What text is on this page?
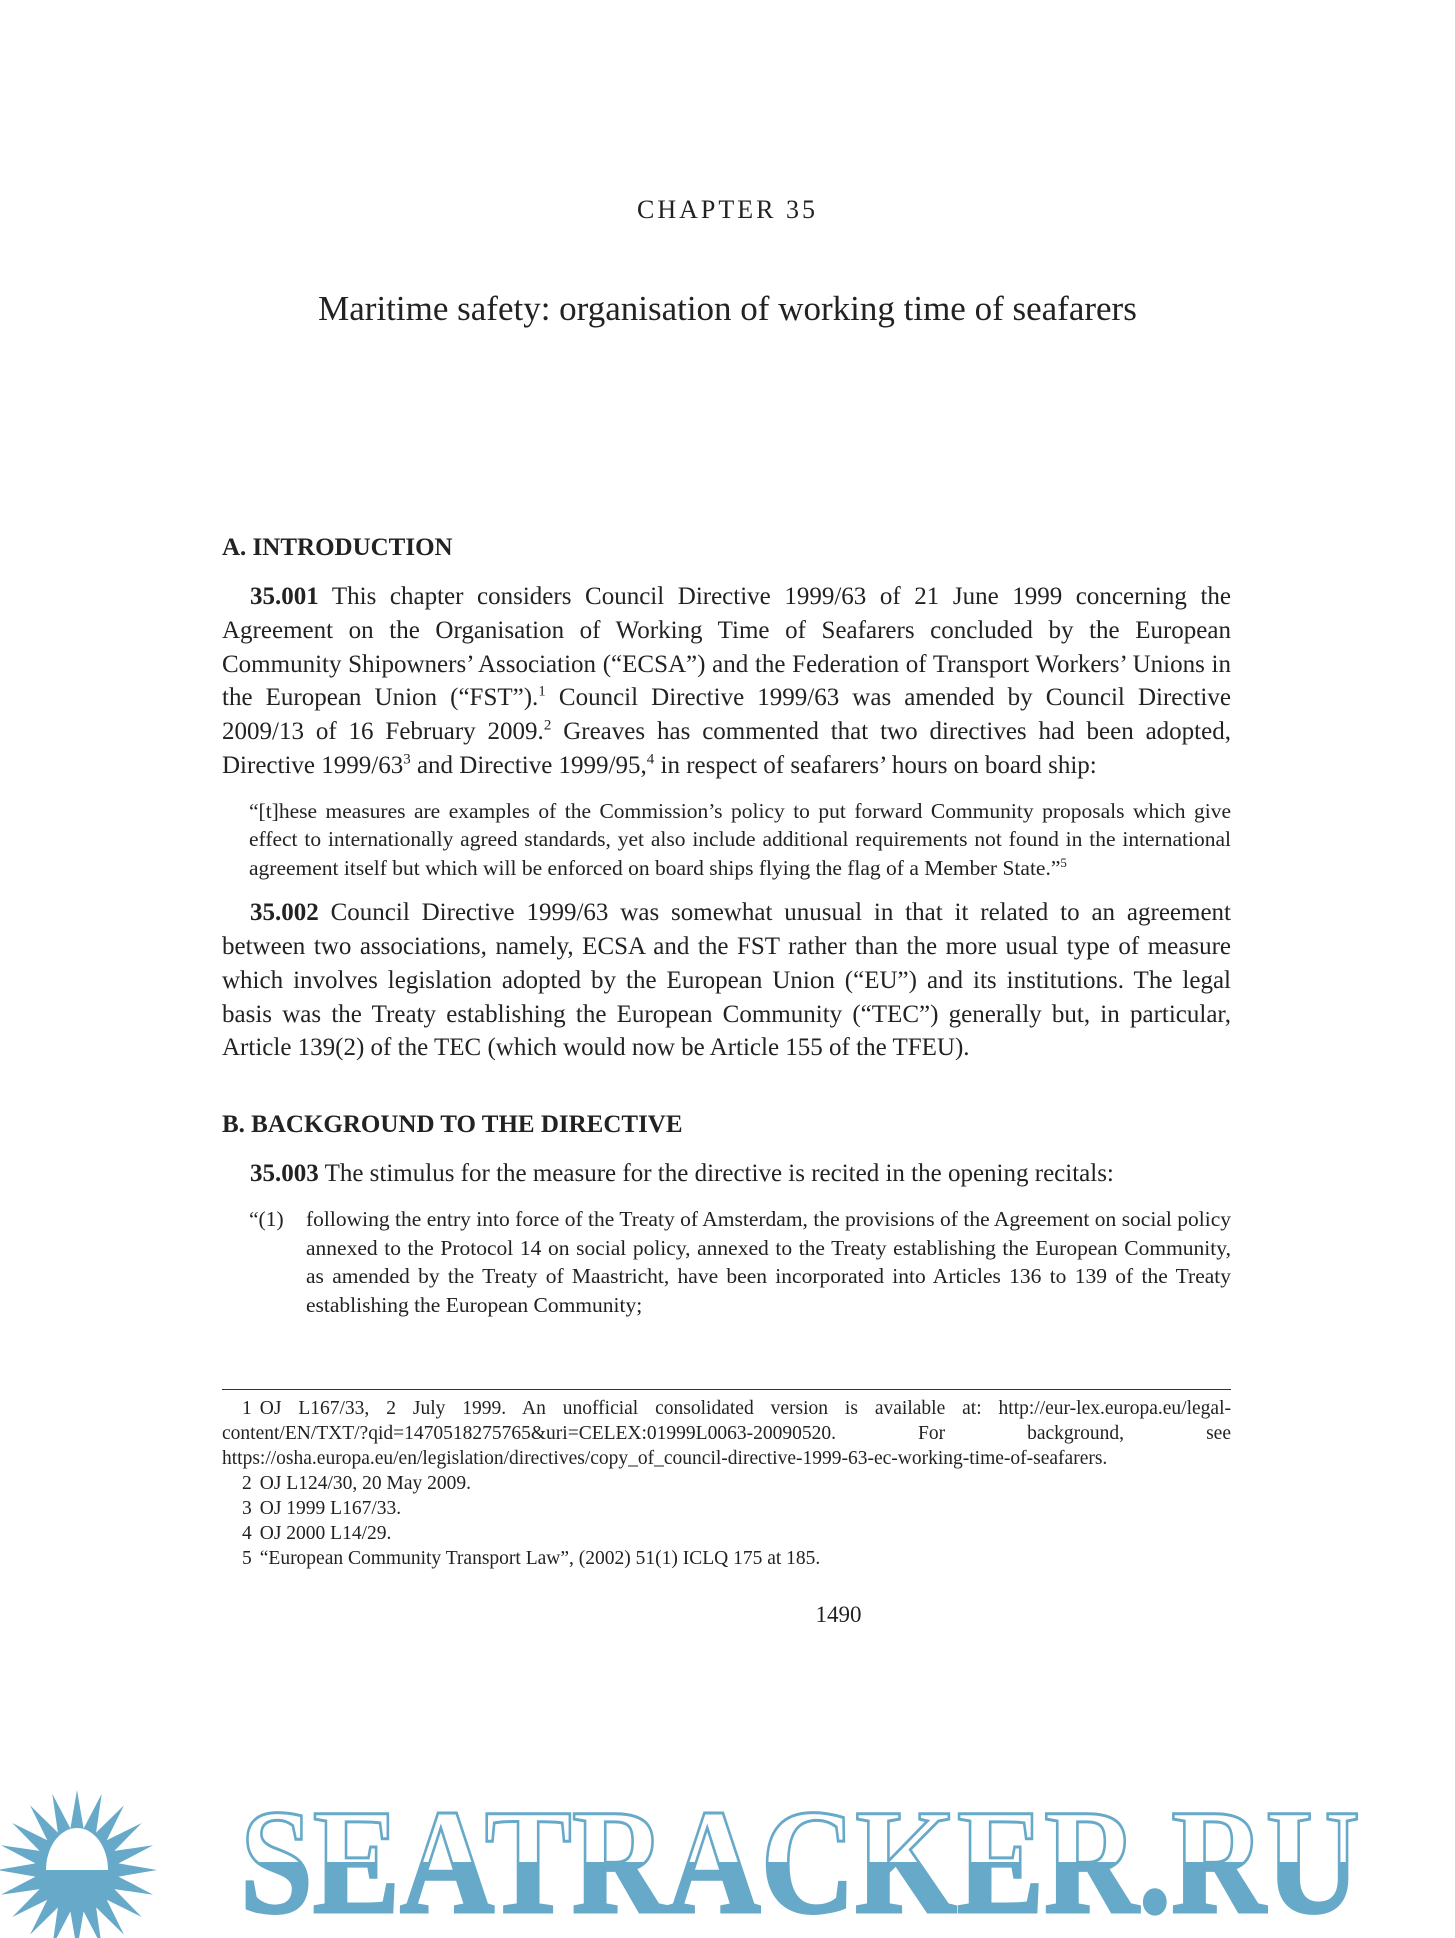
CHAPTER 35
Maritime safety: organisation of working time of seafarers
A. INTRODUCTION
35.001 This chapter considers Council Directive 1999/63 of 21 June 1999 concerning the Agreement on the Organisation of Working Time of Seafarers concluded by the European Community Shipowners’ Association (“ECSA”) and the Federation of Transport Workers’ Unions in the European Union (“FST”).$^1$ Council Directive 1999/63 was amended by Council Directive 2009/13 of 16 February 2009.$^2$ Greaves has commented that two directives had been adopted, Directive $1999/63^3$ and Directive 1999/95,$^4$ in respect of seafarers’ hours on board ship:
“[t]hese measures are examples of the Commission’s policy to put forward Community proposals which give effect to internationally agreed standards, yet also include additional requirements not found in the international agreement itself but which will be enforced on board ships flying the flag of a Member State.”$^5$
35.002 Council Directive 1999/63 was somewhat unusual in that it related to an agreement between two associations, namely, ECSA and the FST rather than the more usual type of measure which involves legislation adopted by the European Union (“EU”) and its institutions. The legal basis was the Treaty establishing the European Community (“TEC”) generally but, in particular, Article 139(2) of the TEC (which would now be Article 155 of the TFEU).
B. BACKGROUND TO THE DIRECTIVE
35.003 The stimulus for the measure for the directive is recited in the opening recitals:
“(1) following the entry into force of the Treaty of Amsterdam, the provisions of the Agreement on social policy annexed to the Protocol 14 on social policy, annexed to the Treaty establishing the European Community, as amended by the Treaty of Maastricht, have been incorporated into Articles 136 to 139 of the Treaty establishing the European Community;
1 OJ L167/33, 2 July 1999. An unofficial consolidated version is available at: http://eur-lex.europa.eu/legal-content/EN/TXT/?qid=1470518275765&uri=CELEX:01999L0063-20090520. For background, see https://osha.europa.eu/en/legislation/directives/copy_of_council-directive-1999-63-ec-working-time-of-seafarers.
2 OJ L124/30, 20 May 2009.
3 OJ 1999 L167/33.
4 OJ 2000 L14/29.
5 “European Community Transport Law”, (2002) 51(1) ICLQ 175 at 185.
1490
SEATRACKER.RU
